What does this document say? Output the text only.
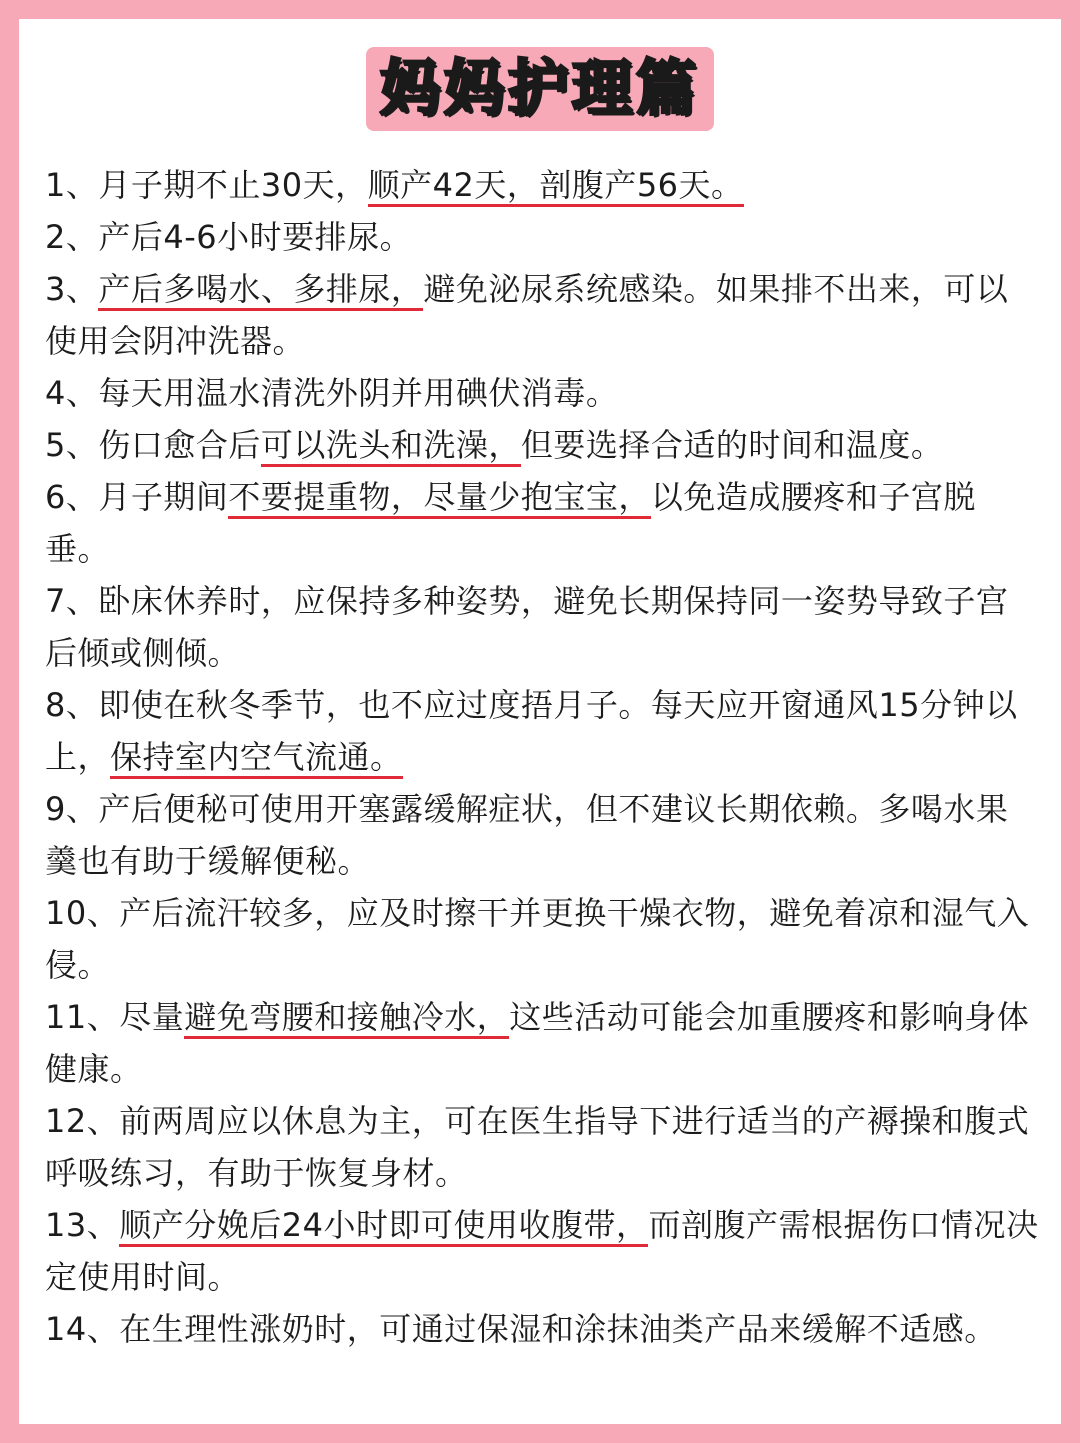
妈妈护理篇
1、月子期不止30天，顺产42天，剖腹产56天。
2、产后4-6小时要排尿。
3、产后多喝水、多排尿，避免泌尿系统感染。如果排不出来，可以使用会阴冲洗器。
4、每天用温水清洗外阴并用碘伏消毒。
5、伤口愈合后可以洗头和洗澡，但要选择合适的时间和温度。
6、月子期间不要提重物，尽量少抱宝宝，以免造成腰疼和子宫脱垂。
7、卧床休养时，应保持多种姿势，避免长期保持同一姿势导致子宫后倾或侧倾。
8、即使在秋冬季节，也不应过度捂月子。每天应开窗通风15分钟以上，保持室内空气流通。
9、产后便秘可使用开塞露缓解症状，但不建议长期依赖。多喝水果羹也有助于缓解便秘。
10、产后流汗较多，应及时擦干并更换干燥衣物，避免着凉和湿气入侵。
11、尽量避免弯腰和接触冷水，这些活动可能会加重腰疼和影响身体健康。
12、前两周应以休息为主，可在医生指导下进行适当的产褥操和腹式呼吸练习，有助于恢复身材。
13、顺产分娩后24小时即可使用收腹带，而剖腹产需根据伤口情况决定使用时间。
14、在生理性涨奶时，可通过保湿和涂抹油类产品来缓解不适感。
